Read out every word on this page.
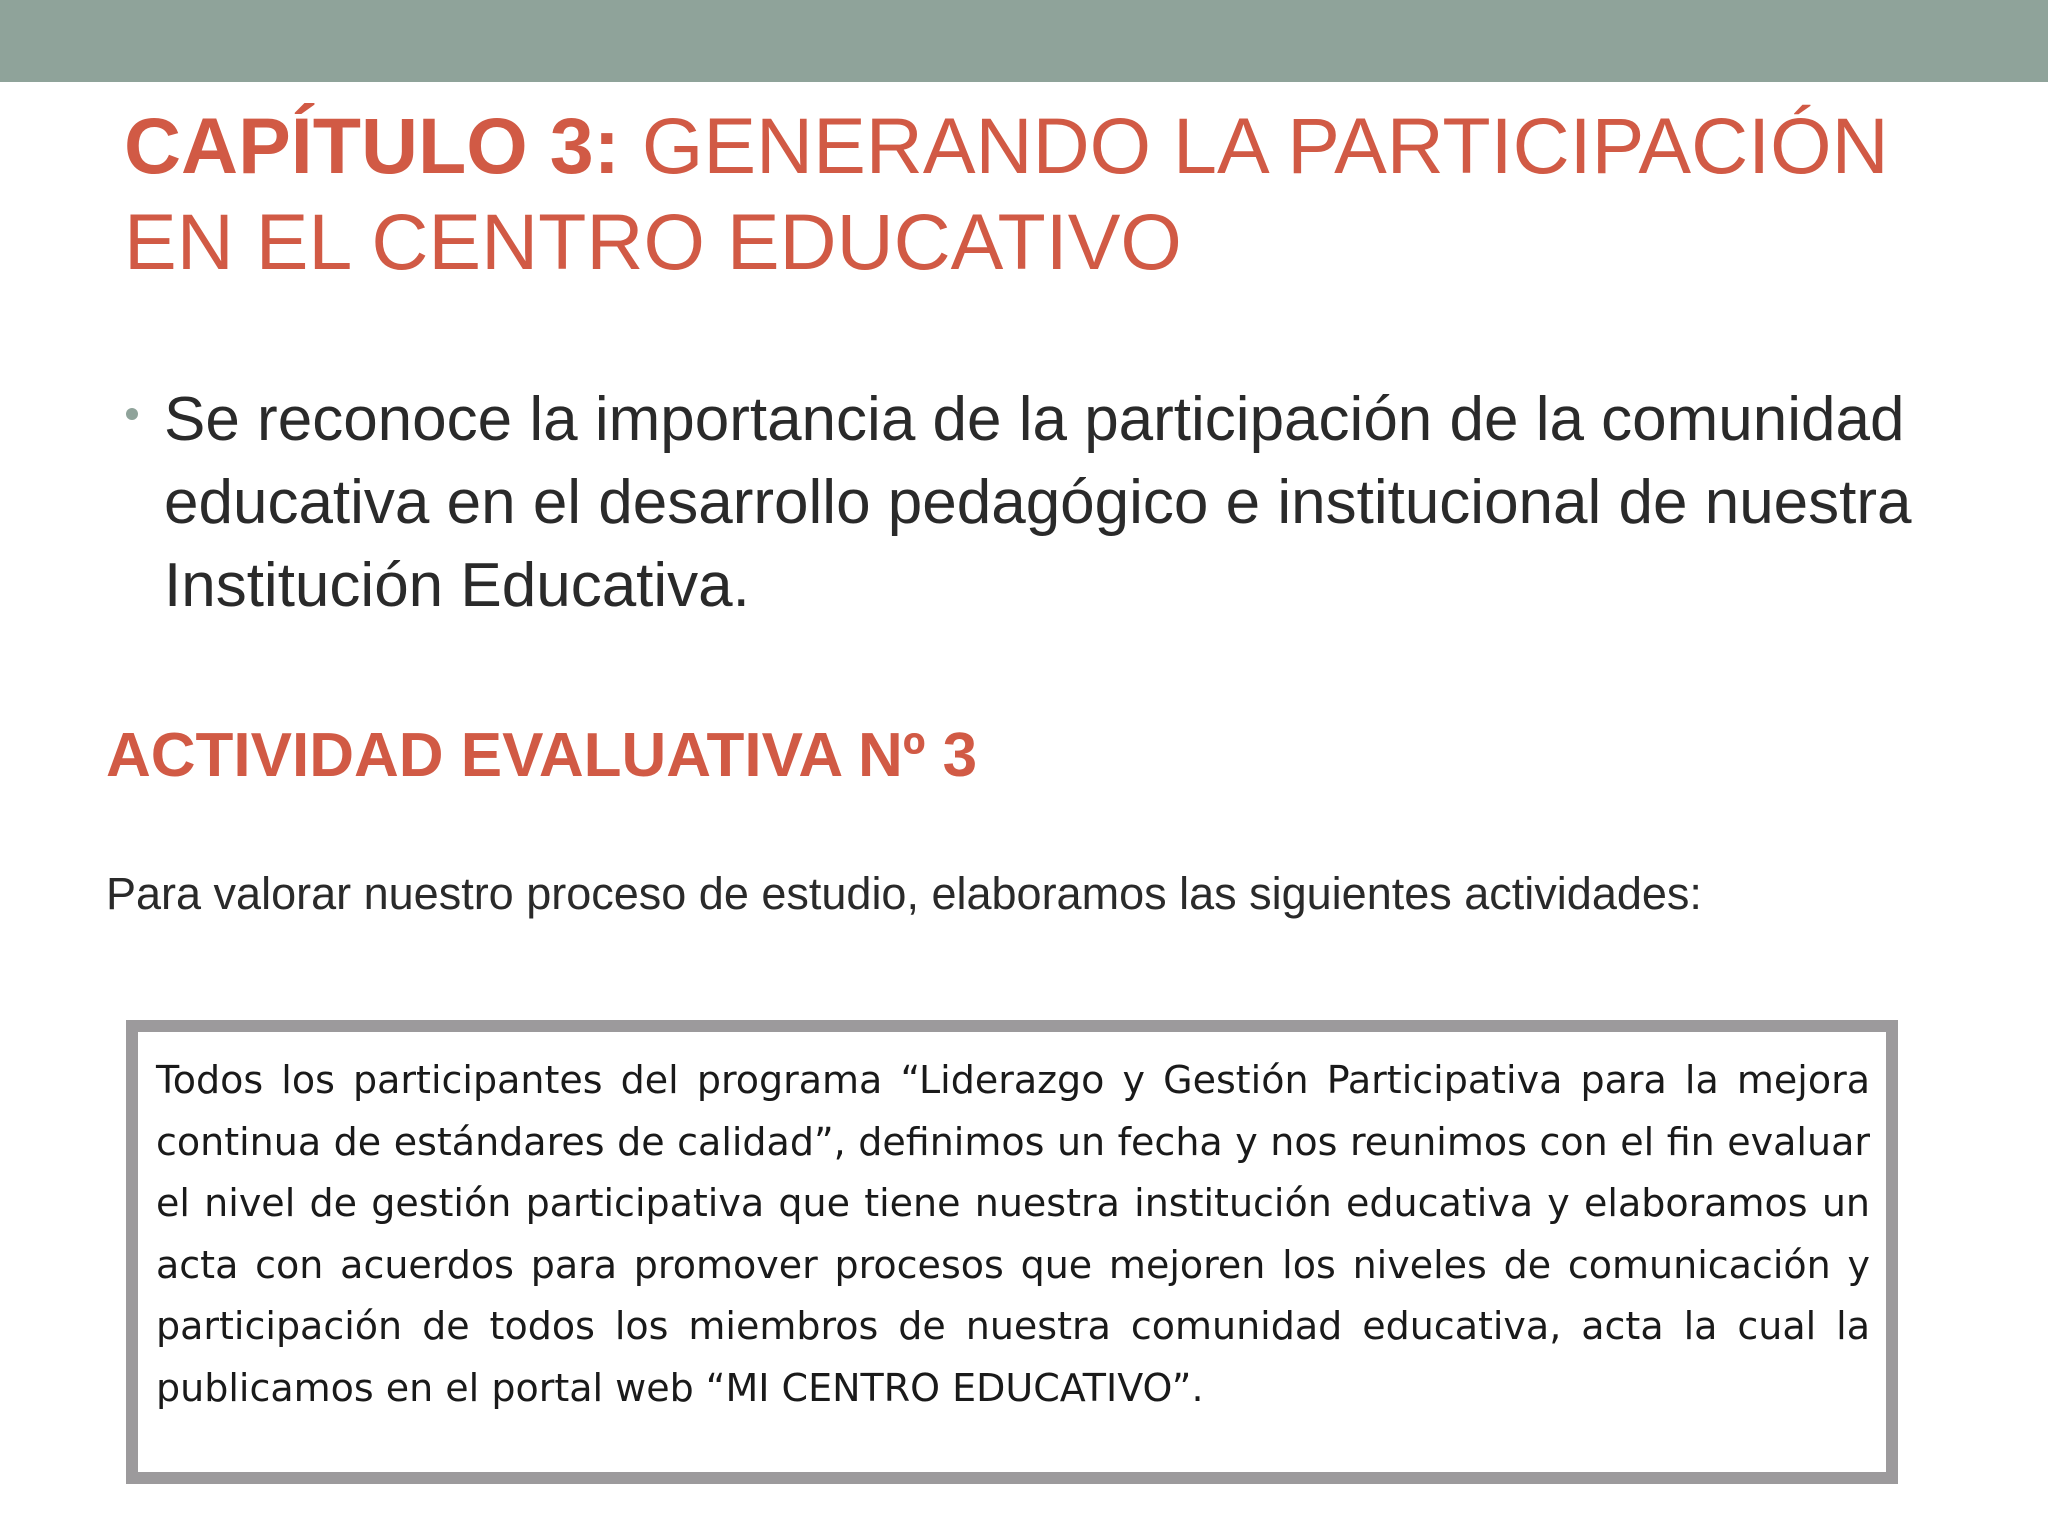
CAPÍTULO 3: GENERANDO LA PARTICIPACIÓN EN EL CENTRO EDUCATIVO
Se reconoce la importancia de la participación de la comunidad educativa en el desarrollo pedagógico e institucional de nuestra Institución Educativa.
ACTIVIDAD EVALUATIVA Nº 3
Para valorar nuestro proceso de estudio, elaboramos las siguientes actividades:

Todos los participantes del programa “Liderazgo y Gestión Participativa para la mejora continua de estándares de calidad”, definimos un fecha y nos reunimos con el fin evaluar el nivel de gestión participativa que tiene nuestra institución educativa y elaboramos un acta con acuerdos para promover procesos que mejoren los niveles de comunicación y participación de todos los miembros de nuestra comunidad educativa, acta la cual la publicamos en el portal web “MI CENTRO EDUCATIVO”.
